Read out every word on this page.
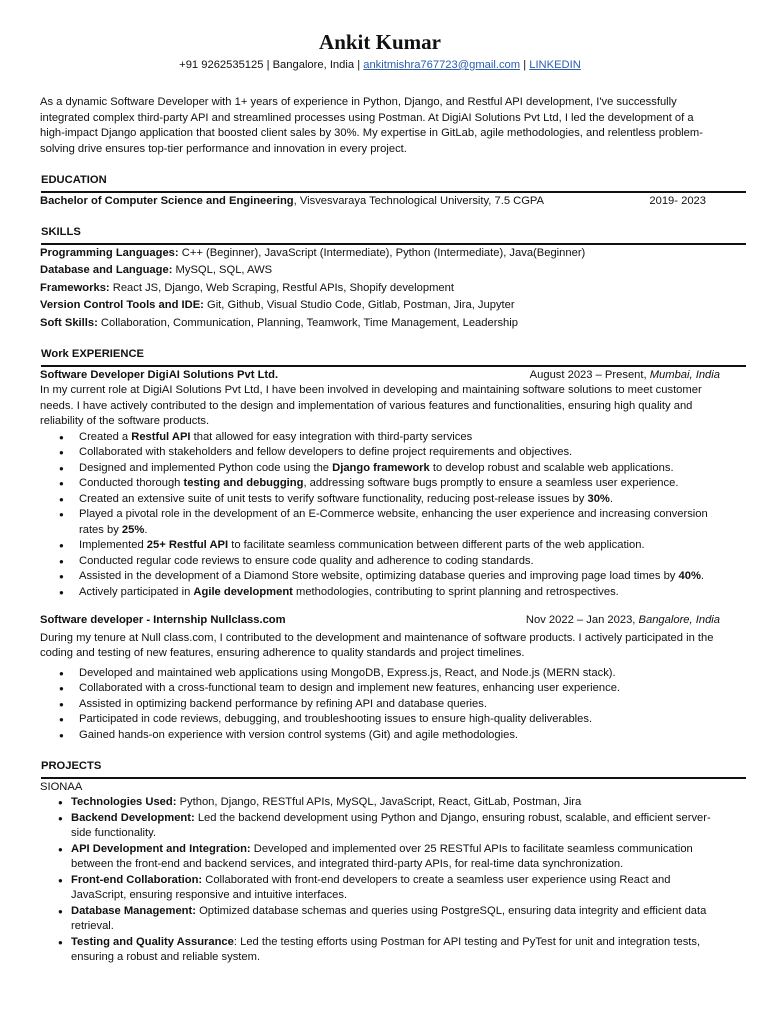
Ankit Kumar
+91 9262535125 | Bangalore, India | ankitmishra767723@gmail.com | LINKEDIN
As a dynamic Software Developer with 1+ years of experience in Python, Django, and Restful API development, I've successfully integrated complex third-party API and streamlined processes using Postman. At DigiAI Solutions Pvt Ltd, I led the development of a high-impact Django application that boosted client sales by 30%. My expertise in GitLab, agile methodologies, and relentless problem-solving drive ensures top-tier performance and innovation in every project.
EDUCATION
Bachelor of Computer Science and Engineering, Visvesvaraya Technological University, 7.5 CGPA	2019- 2023
SKILLS
Programming Languages: C++ (Beginner), JavaScript (Intermediate), Python (Intermediate), Java(Beginner)
Database and Language: MySQL, SQL, AWS
Frameworks: React JS, Django, Web Scraping, Restful APIs, Shopify development
Version Control Tools and IDE: Git, Github, Visual Studio Code, Gitlab, Postman, Jira, Jupyter
Soft Skills: Collaboration, Communication, Planning, Teamwork, Time Management, Leadership
Work EXPERIENCE
Software Developer DigiAI Solutions Pvt Ltd.	August 2023 – Present, Mumbai, India
In my current role at DigiAI Solutions Pvt Ltd, I have been involved in developing and maintaining software solutions to meet customer needs. I have actively contributed to the design and implementation of various features and functionalities, ensuring high quality and reliability of the software products.
● Created a Restful API that allowed for easy integration with third-party services
● Collaborated with stakeholders and fellow developers to define project requirements and objectives.
● Designed and implemented Python code using the Django framework to develop robust and scalable web applications.
● Conducted thorough testing and debugging, addressing software bugs promptly to ensure a seamless user experience.
● Created an extensive suite of unit tests to verify software functionality, reducing post-release issues by 30%.
● Played a pivotal role in the development of an E-Commerce website, enhancing the user experience and increasing conversion rates by 25%.
● Implemented 25+ Restful API to facilitate seamless communication between different parts of the web application.
● Conducted regular code reviews to ensure code quality and adherence to coding standards.
● Assisted in the development of a Diamond Store website, optimizing database queries and improving page load times by 40%.
● Actively participated in Agile development methodologies, contributing to sprint planning and retrospectives.
Software developer - Internship Nullclass.com	Nov 2022 – Jan 2023, Bangalore, India
During my tenure at Null class.com, I contributed to the development and maintenance of software products. I actively participated in the coding and testing of new features, ensuring adherence to quality standards and project timelines.
● Developed and maintained web applications using MongoDB, Express.js, React, and Node.js (MERN stack).
● Collaborated with a cross-functional team to design and implement new features, enhancing user experience.
● Assisted in optimizing backend performance by refining API and database queries.
● Participated in code reviews, debugging, and troubleshooting issues to ensure high-quality deliverables.
● Gained hands-on experience with version control systems (Git) and agile methodologies.
PROJECTS
SIONAA
● Technologies Used: Python, Django, RESTful APIs, MySQL, JavaScript, React, GitLab, Postman, Jira
● Backend Development: Led the backend development using Python and Django, ensuring robust, scalable, and efficient server-side functionality.
● API Development and Integration: Developed and implemented over 25 RESTful APIs to facilitate seamless communication between the front-end and backend services, and integrated third-party APIs, for real-time data synchronization.
● Front-end Collaboration: Collaborated with front-end developers to create a seamless user experience using React and JavaScript, ensuring responsive and intuitive interfaces.
● Database Management: Optimized database schemas and queries using PostgreSQL, ensuring data integrity and efficient data retrieval.
● Testing and Quality Assurance: Led the testing efforts using Postman for API testing and PyTest for unit and integration tests, ensuring a robust and reliable system.
